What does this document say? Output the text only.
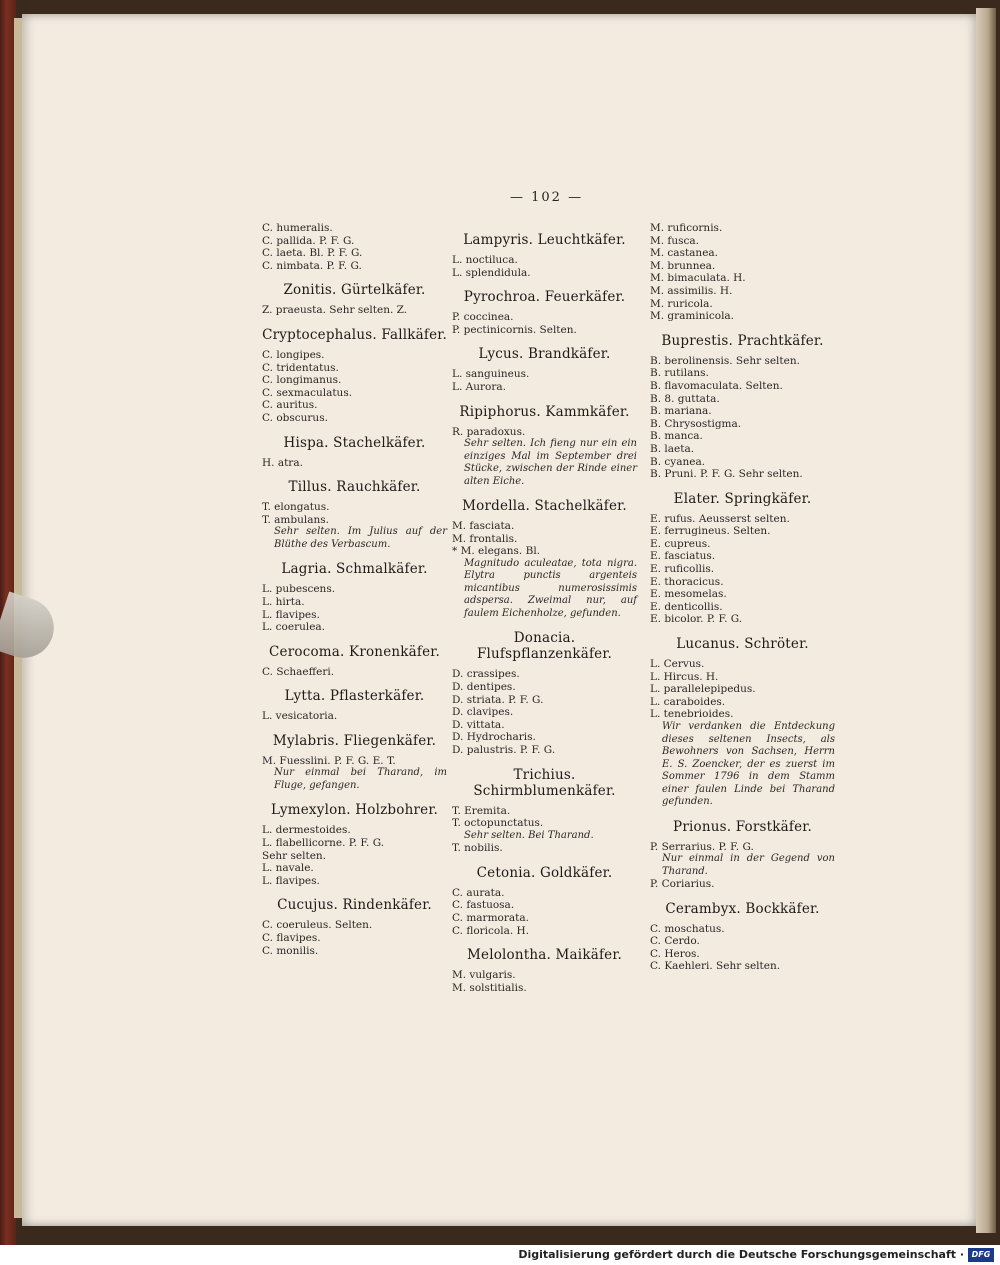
— 102 —
C. humeralis.
C. pallida. P. F. G.
C. laeta. Bl. P. F. G.
C. nimbata. P. F. G.
Zonitis. Gürtelkäfer.
Z. praeusta. Sehr selten. Z.
Cryptocephalus. Fallkäfer.
C. longipes.
C. tridentatus.
C. longimanus.
C. sexmaculatus.
C. auritus.
C. obscurus.
Hispa. Stachelkäfer.
H. atra.
Tillus. Rauchkäfer.
T. elongatus.
T. ambulans.
Sehr selten. Im Julius auf der Blüthe des Verbascum.
Lagria. Schmalkäfer.
L. pubescens.
L. hirta.
L. flavipes.
L. coerulea.
Cerocoma. Kronenkäfer.
C. Schaefferi.
Lytta. Pflasterkäfer.
L. vesicatoria.
Mylabris. Fliegenkäfer.
M. Fuesslini. P. F. G. E. T.
Nur einmal bei Tharand, im Fluge, gefangen.
Lymexylon. Holzbohrer.
L. dermestoides.
L. flabellicorne. P. F. G.
Sehr selten.
L. navale.
L. flavipes.
Cucujus. Rindenkäfer.
C. coeruleus. Selten.
C. flavipes.
C. monilis.
Lampyris. Leuchtkäfer.
L. noctiluca.
L. splendidula.
Pyrochroa. Feuerkäfer.
P. coccinea.
P. pectinicornis. Selten.
Lycus. Brandkäfer.
L. sanguineus.
L. Aurora.
Ripiphorus. Kammkäfer.
R. paradoxus.
Sehr selten. Ich fieng nur ein ein einziges Mal im September drei Stücke, zwischen der Rinde einer alten Eiche.
Mordella. Stachelkäfer.
M. fasciata.
M. frontalis.
* M. elegans. Bl.
Magnitudo aculeatae, tota nigra. Elytra punctis argenteis micantibus numerosissimis adspersa. Zweimal nur, auf faulem Eichenholze, gefunden.
Donacia. Flufspflanzenkäfer.
D. crassipes.
D. dentipes.
D. striata. P. F. G.
D. clavipes.
D. vittata.
D. Hydrocharis.
D. palustris. P. F. G.
Trichius. Schirmblumenkäfer.
T. Eremita.
T. octopunctatus.
Sehr selten. Bei Tharand.
T. nobilis.
Cetonia. Goldkäfer.
C. aurata.
C. fastuosa.
C. marmorata.
C. floricola. H.
Melolontha. Maikäfer.
M. vulgaris.
M. solstitialis.
M. ruficornis.
M. fusca.
M. castanea.
M. brunnea.
M. bimaculata. H.
M. assimilis. H.
M. ruricola.
M. graminicola.
Buprestis. Prachtkäfer.
B. berolinensis. Sehr selten.
B. rutilans.
B. flavomaculata. Selten.
B. 8. guttata.
B. mariana.
B. Chrysostigma.
B. manca.
B. laeta.
B. cyanea.
B. Pruni. P. F. G. Sehr selten.
Elater. Springkäfer.
E. rufus. Aeusserst selten.
E. ferrugineus. Selten.
E. cupreus.
E. fasciatus.
E. ruficollis.
E. thoracicus.
E. mesomelas.
E. denticollis.
E. bicolor. P. F. G.
Lucanus. Schröter.
L. Cervus.
L. Hircus. H.
L. parallelepipedus.
L. caraboides.
L. tenebrioides.
Wir verdanken die Entdeckung dieses seltenen Insects, als Bewohners von Sachsen, Herrn E. S. Zoencker, der es zuerst im Sommer 1796 in dem Stamm einer faulen Linde bei Tharand gefunden.
Prionus. Forstkäfer.
P. Serrarius. P. F. G.
Nur einmal in der Gegend von Tharand.
P. Coriarius.
Cerambyx. Bockkäfer.
C. moschatus.
C. Cerdo.
C. Heros.
C. Kaehleri. Sehr selten.
Digitalisierung gefördert durch die Deutsche Forschungsgemeinschaft · DFG
